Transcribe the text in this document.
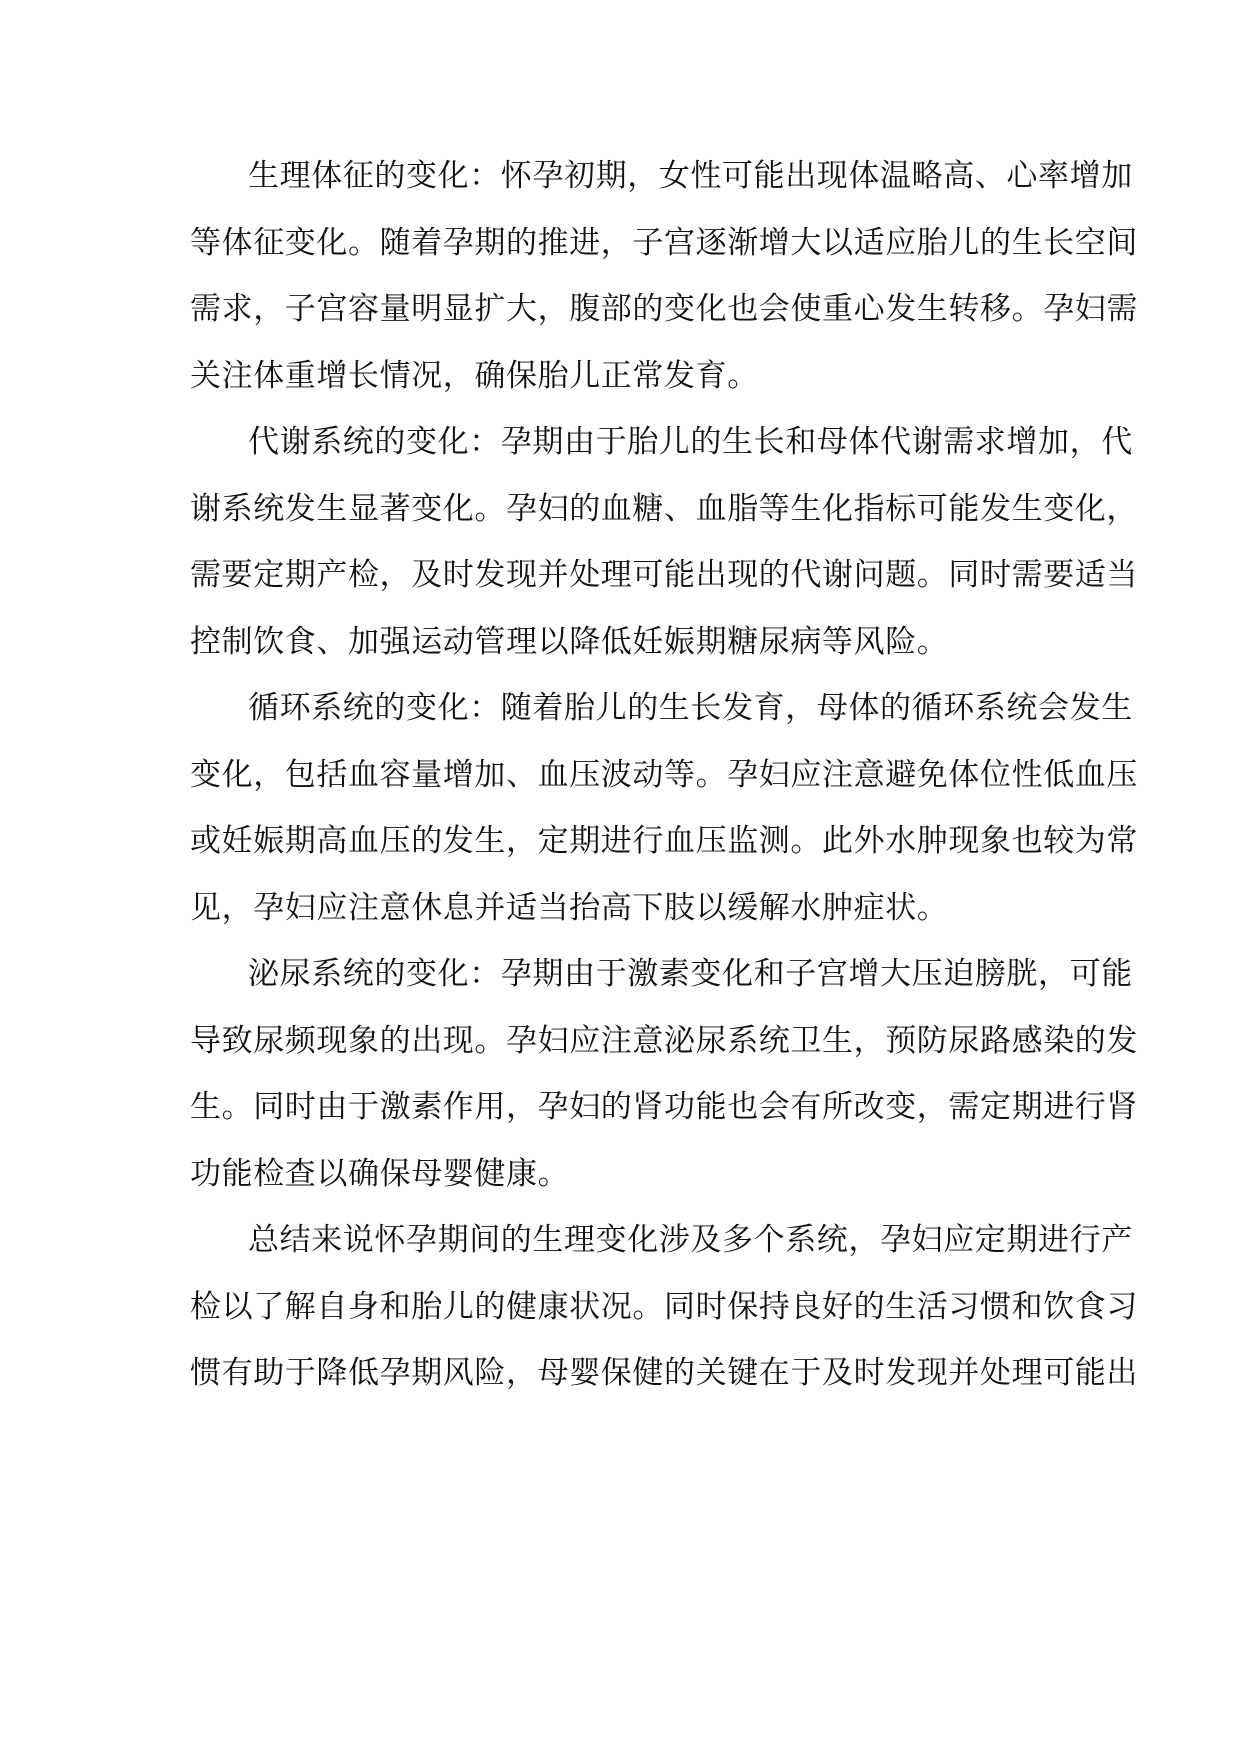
生理体征的变化：怀孕初期，女性可能出现体温略高、心率增加
等体征变化。随着孕期的推进，子宫逐渐增大以适应胎儿的生长空间
需求，子宫容量明显扩大，腹部的变化也会使重心发生转移。孕妇需
关注体重增长情况，确保胎儿正常发育。
代谢系统的变化：孕期由于胎儿的生长和母体代谢需求增加，代
谢系统发生显著变化。孕妇的血糖、血脂等生化指标可能发生变化，
需要定期产检，及时发现并处理可能出现的代谢问题。同时需要适当
控制饮食、加强运动管理以降低妊娠期糖尿病等风险。
循环系统的变化：随着胎儿的生长发育，母体的循环系统会发生
变化，包括血容量增加、血压波动等。孕妇应注意避免体位性低血压
或妊娠期高血压的发生，定期进行血压监测。此外水肿现象也较为常
见，孕妇应注意休息并适当抬高下肢以缓解水肿症状。
泌尿系统的变化：孕期由于激素变化和子宫增大压迫膀胱，可能
导致尿频现象的出现。孕妇应注意泌尿系统卫生，预防尿路感染的发
生。同时由于激素作用，孕妇的肾功能也会有所改变，需定期进行肾
功能检查以确保母婴健康。
总结来说怀孕期间的生理变化涉及多个系统，孕妇应定期进行产
检以了解自身和胎儿的健康状况。同时保持良好的生活习惯和饮食习
惯有助于降低孕期风险，母婴保健的关键在于及时发现并处理可能出
